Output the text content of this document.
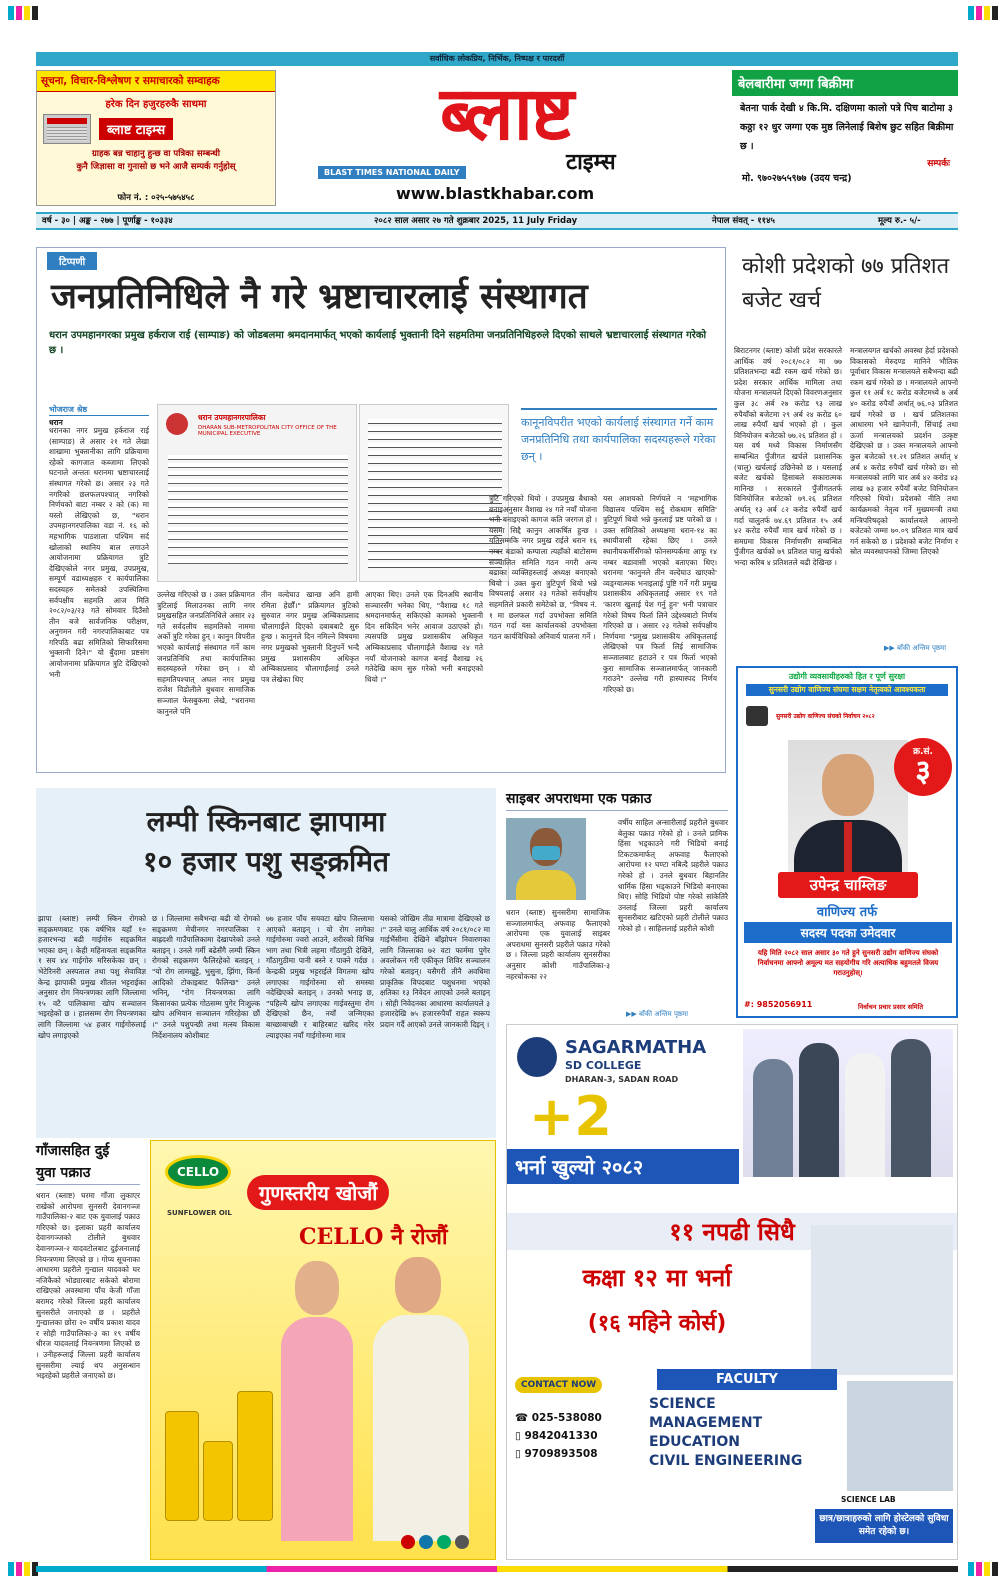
सर्वाधिक लोकप्रिय, निर्भिक, निष्पक्ष र पारदर्शी
सूचना, विचार-विश्लेषण र समाचारको सम्वाहक
हरेक दिन हजुरहरुकै साथमा
ब्लाष्ट टाइम्स
ग्राहक बन्न चाहानु हुन्छ वा पत्रिका सम्बन्धी
कुनै जिज्ञासा वा गुनासो छ भने आजै सम्पर्क गर्नुहोस्
फोन नं. : ०२५-५७५४५८
ब्लाष्ट
टाइम्स
BLAST TIMES NATIONAL DAILY
www.blastkhabar.com
बेलबारीमा जग्गा बिक्रीमा
बेतना पार्क देखी ४ कि.मि. दक्षिणमा कालो पत्रे पिच बाटोमा ३ कठ्ठा १२ धुर जग्गा एक मुष्ठ लिनेलाई बिशेष छुट सहित बिक्रीमा छ ।
सम्पर्कः
मो. ९७०२७५५९७७ (उदय चन्द्र)
वर्ष - ३० | अङ्क - २७७ | पूर्णाङ्क - १०३३४	२०८२ साल असार २७ गते शुक्रबार 2025, 11 July Friday	नेपाल संवत् - ११४५	मूल्य रु.- ५/-
टिप्पणी
जनप्रतिनिधिले नै गरे भ्रष्टाचारलाई संस्थागत
धरान उपमहानगरका प्रमुख हर्कराज राई (साम्पाङ) को जोडबलमा श्रमदानमार्फत् भएको कार्यलाई भुक्तानी दिने सहमतिमा जनप्रतिनिधिहरुले दिएको साथले भ्रष्टाचारलाई संस्थागत गरेको छ ।
भोजराज श्रेष्ठ
धरान
धरान उपमहानगरपालिका
DHARAN SUB-METROPOLITAN CITY OFFICE OF THE MUNICIPAL EXECUTIVE
कानूनविपरीत भएको कार्यलाई संस्थागत गर्ने काम जनप्रतिनिधि तथा कार्यपालिका सदस्यहरूले गरेका छन् ।
धरानका नगर प्रमुख हर्कराज राई (साम्पाङ) ले असार २१ गते लेखा शाखामा भुक्तानीका लागि प्रक्रियामा रहेको कागजात कब्जामा लिएको घटनाले अन्ततः धरानमा भ्रष्टाचारलाई संस्थागत गरेको छ। असार २३ गते नगरिको छलफलपश्चात् नगरिको निर्णयको बाटा नम्बर २ को (क) मा यस्तो लेखिएको छ, "धरान उपमहानगरपालिका वडा नं. १६ को महभागिक पाठशाला पश्चिम सर्द खोलाको स्थानिय बाल लगाउने आयोजनामा प्रक्रियागत त्रुटि देखिएकोले नगर प्रमुख, उपप्रमुख, सम्पूर्ण वडाध्यक्षहरु र कार्यपालिका सदस्यहरु समेतको उपस्थितिमा सर्वपक्षीय सहमति आज मिति २०८२/०३/२३ गते सोमवार दिउँसो तीन बजे सार्वजनिक परीक्षण, अनुगमन गरी नगरपालिकाबाट पत्र गरिपठि बढा समितिको सिफारिसमा भुक्तानी दिने।" यो बुँदामा प्रष्टसंग आयोजनामा प्रक्रियागत त्रुटि देखिएको भनी
उल्लेख गरिएको छ । उक्त प्रक्रियागत त्रुटिलाई मिलाउनका लागि नगर प्रमुखसहित जनप्रतिनिधिले असार २३ गते सर्वदलीय सहमतिको नाममा अर्को त्रुटि गरेका हुन् । कानुन विपरीत भएको कार्यलाई संस्थागत गर्ने काम जनप्रतिनिधि तथा कार्यपालिका सदस्यहरुले गरेका छन् । यो सहमतिपश्चात् अघल नगर प्रमुख राजेश विडोलीले बुधवार सामाजिक सञ्जाल फेसबुकमा लेखे, "धरानमा कानुनले पनि
तीन वल्देघाउ खान्छ अनि हामी रमिता हेर्छौं।" प्रक्रियागत त्रुटिको सुरुवात नगर प्रमुख अम्बिकाप्रसाद चौलागाईंले दिएको दबाबबाटै सुरु हुन्छ । कानुनले दिन नमिल्ने विषयमा नगर प्रमुखको भुक्तानी दिनुपर्ने भन्दै प्रमुख प्रशासकीय अधिकृत अम्बिकाप्रसाद चौलागाईंलाई उनले पत्र लेखेका थिए
आएका थिए। उनले एक दिनअघि स्थानीय सञ्चारसँग भनेका थिए, "वैशाख १८ गते श्रमदानमार्फत् सकिएको कामको भुक्तानी दिन सकिदिन भनेर आवाज उठाएको हो। त्यसपछि प्रमुख प्रशासकीय अधिकृत अम्बिकाप्रसाद चौलागाईंले वैशाख २४ गते नयाँ योजनाको कागज बनाई वैशाख २६ गतेदेखि काम सुरु गरेको भनी बनाइएको थियो ।"
त्रुटि गरिएको थियो । उपप्रमुख बैधाको बनाइअनुसार वैशाख २४ गते नयाँ योजना भनी बनाइएको कागज कति जरगज हो । यसमा सिद्दै कानुन आकर्षित हुन्छ । यतिसम्मकि नगर प्रमुख राईले धरान १६ नम्बर बडाको कम्पाला त्यहाँको बाटोसम्म सञ्चालित समिति गठन नगरी अन्य बढाका व्यक्तिहरुलाई अध्यक्ष बनाएको थियो । उक्त कुरा त्रुटिपूर्ण थियो भन्ने विषयलाई असार २३ गतेको सर्वपक्षीय सहमतिले प्रकारी समेटेको छ, "विषय नं. १ मा छलफल गर्दा उपभोक्ता समिति गठन गर्दा यस कार्यालयको उपभोक्ता गठन कार्यविधिको अनिवार्य पालना गर्ने ।
यस आशयको निर्णयले न 'महभागिक विद्यालय पश्चिम सर्दु रोकथाम समिति' त्रुटिपूर्ण थियो भन्ने कुरलाई प्रष्ट पारेको छ । उक्त समितिको अध्यक्षमा धरान-१४ का स्थायीवासी रहेका छिए । उनले स्थानीयकर्मीसँगको फोनसम्पर्कमा आफू १४ नम्बर बडावासी भएको बताएका थिए। धरानमा 'कानुनले तीन वल्देघाउ खाएको' व्यङ्ग्यात्मक भनाइलाई पुष्टि गर्ने गरी प्रमुख प्रशासकीय अधिकृतलाई असार १९ गते 'कारण खुलाई पेश गर्नु हुन' भनी पत्राचार गरेको विषय फिर्ता लिने उद्देश्यबाटो निर्णय गरिएको छ । असार २३ गतेको सर्वपक्षीय निर्णयमा "प्रमुख प्रशासकीय अधिकृतलाई लेखिएको पत्र फिर्ता लिई सामाजिक सञ्जालबाट हटाउने र पत्र फिर्ता भएको कुरा सामाजिक सञ्जालमार्फत् जानकारी गराउने" उल्लेख गरी हास्यास्पद निर्णय गरिएको छ।
कोशी प्रदेशको ७७ प्रतिशत बजेट खर्च
बिराटनगर (ब्लाष्ट) कोशी प्रदेश सरकारले आर्थिक वर्ष २०८१/०८२ मा ७७ प्रतिशतभन्दा बढी रकम खर्च गरेको छ। प्रदेश सरकार आर्थिक मामिला तथा योजना मन्त्रालयले दिएको विवरणअनुसार कुल ३८ अर्ब २७ करोड ९३ लाख रुपैयाँको बजेटमा २९ अर्ब २४ करोड ६० लाख रुपैयाँ खर्च भएको हो । कुल विनियोजन बजेटको ७७.२६ प्रतिशत हो । यस वर्ष मध्ये विकास निर्माणसँग सम्बन्धित पुँजीगत खर्चले प्रशासनिक (चालु) खर्चलाई उछिनेको छ । यसलाई बजेट खर्चको हिसाबले सकारात्मक मानिन्छ । सरकारले पुँजीगततर्फ विनियोजित बजेटको ७९.२६ प्रतिशत अर्थात् १३ अर्ब ८२ करोड रुपैयाँ खर्च गर्दा चालुतर्फ ७४.६९ प्रतिशत १५ अर्ब ४२ करोड रुपैयाँ मात्र खर्च गरेको छ । समग्रमा विकास निर्माणसँग सम्बन्धित पुँजीगत खर्चको ७९ प्रतिशत चालु खर्चको भन्दा करिब ४ प्रतिशतले बढी देखिन्छ ।
मन्त्रालयगत खर्चको अवस्था हेर्दा प्रदेशको विकासको मेरुदण्ड मानिने भौतिक पूर्वाधार विकास मन्त्रालयले सबैभन्दा बढी रकम खर्च गरेको छ । मन्त्रालयले आफ्नो कुल ११ अर्ब १८ करोड बजेटमध्ये ७ अर्ब ४० करोड रुपैयाँ अर्थात् ७६.०३ प्रतिशत खर्च गरेको छ । खर्च प्रतिशतका आधारमा भने खानेपानी, सिंचाई तथा ऊर्जा मन्त्रालयको प्रदर्शन उत्कृष्ट देखिएको छ । उक्त मन्त्रालयले आफ्नो कुल बजेटको ९१.२१ प्रतिशत अर्थात् ४ अर्ब ४ करोड रुपैयाँ खर्च गरेको छ। सो मन्त्रालयको लागि चार अर्ब ४२ करोड ४३ लाख ७३ हजार रुपैयाँ बजेट विनियोजन गरिएको थियो। प्रदेशको नीति तथा कार्यक्रमको नेतृत्व गर्ने मुख्यमन्त्री तथा मन्त्रिपरिषद्को कार्यालयले आफ्नो बजेटको जम्मा ७०.०९ प्रतिशत मात्र खर्च गर्न सकेको छ । प्रदेशको बजेट निर्माण र स्रोत व्यवस्थापनको जिम्मा लिएको
▶▶ बाँकी अन्तिम पृष्ठमा
उद्योगी व्यवसायीहरुको हित र पूर्ण सुरक्षा
सुनसरी उद्योग वाणिज्य संघमा सक्षम नेतृत्वको आवश्यकता
सुनसरी उद्योग वाणिज्य संघको निर्वाचन २०८२
क्र.सं.
३
उपेन्द्र चाम्लिङ
वाणिज्य तर्फ
सदस्य पदका उमेदवार
यहि मिति २०८२ साल असार ३० गते हुने सुनसरी उद्योग वाणिज्य संघको निर्वाचनमा आफ्नो अमूल्य मत सहयोगीय गरि अत्याधिक बहुमतले विजय गराउनुहोस्।
#: 9852056911	निर्वाचन प्रचार प्रसार समिति
लम्पी स्किनबाट झापामा
१० हजार पशु सङ्क्रमित
झापा (ब्लाष्ट) लम्पी स्किन रोगको सङ्क्रमणबाट एक वर्षभित्र यहाँ १० हजारभन्दा बढी गाईगोरु सङ्क्रमित भएका छन् । केही महिनायता सङ्क्रमित १ सय ४४ गाईगोरु मरिसकेका छन् । भेटेरिनरी अस्पताल तथा पशु सेवाविज्ञ केन्द्र झापाकी प्रमुख शीतल भट्टराईका अनुसार रोग नियन्त्रणका लागि जिल्लामा १५ वटै पालिकामा खोप सञ्चालन भइरहेको छ । हालसम्म रोग नियन्त्रणका लागि जिल्लामा ५४ हजार गाईगोरुलाई खोप लगाइएको
छ । जिल्लामा सबैभन्दा बढी यो रोगको सङ्क्रमण मेचीनगर नगरपालिका र बाह्रदशी गाउँपालिकामा देखापरेको उनले बताइन् । उनले गर्मी बढेसँगै लम्पी स्किन रोगको सङ्क्रमण फैलिरहेको बताइन् । "यो रोग लामखुट्टे, भुसुना, झिंगा, किर्ना आदिको टोकाइबाट फैलिन्छ" उनले भनिन्, "रोग नियन्त्रणका लागि किसानका प्रत्येक गोठसम्म पुगेर निःशुल्क खोप अभियान सञ्चालन गरिरहेका छौं ।" उनले पशुपन्छी तथा मत्स्य विकास निर्देशनालय कोशीबाट
७७ हजार पाँच सयवटा खोप जिल्लामा आएको बताइन् । यो रोग लागेका गाईगोरुमा ज्वरो आउने, शरीरको विभिन्न भाग तथा भित्री लहमा गाँठागुठी देखिने, गाँठागुठीमा पानी बस्ने र पाक्ने गर्दछ । केन्द्रकी प्रमुख भट्टराईले विगतमा खोप लगाएका गाईगोरुमा सो समस्या नदेखिएको बताइन् । उनको भनाइ छ, "पहिल्यै खोप लगाएका गाईवस्तुमा रोग देखिएको छैन, नयाँ जन्मिएका बाच्छाबाच्छी र बाहिरबाट खरिद गरेर ल्याइएका नयाँ गाईगोरुमा मात्र
यसको जोखिम तीव्र मात्रामा देखिएको छ ।" उनले चालु आर्थिक वर्ष २०८१/०८२ मा गाईभैंसीमा देखिने बाँझोपन निवारणका लागि जिल्लाका ७२ वटा फार्ममा पुगेर अवलोकन गरी एकीकृत शिविर सञ्चालन गरेको बताइन्। यसैगरी तीनै अवधिमा प्राकृतिक विपदबाट पशुधनमा भएको क्षतिका १३ निवेदन आएको उनले बताइन् । सोही निवेदनका आधारमा कार्यालयले ३ हजारदेखि ७५ हजाररुपैयाँ राहत स्वरूप प्रदान गर्दै आएको उनले जानकारी दिइन् ।
साइबर अपराधमा एक पक्राउ
धरान (ब्लाष्ट) सुनसरीमा सामाजिक सञ्जालमार्फत् अफवाह फैलाएको आरोपमा एक युवालाई साइबर अपराधमा सुनसरी प्रहरीले पक्राउ गरेको छ । जिल्ला प्रहरी कार्यालय सुनसरीका अनुसार कोशी गाउँपालिका-३ नहरचोकका २२
वर्षीय साहिल अन्सारीलाई प्रहरीले बुधवार बेलुका पक्राउ गरेको हो । उनले प्रामिक हिंसा भड्काउने गरी भिडियो बनाई टिकटकमार्फत् अफवाह फैलाएको आरोपमा १२ घण्टा नबित्दै प्रहरीले पक्राउ गरेको हो । उनले बुधवार बिहानतिर धार्मिक हिंसा भड्काउने भिडियो बनाएका थिए। सोहि भिडियो पोष्ट गरेको सांकेतिरै उनलाई जिल्ला प्रहरी कार्यालय सुनसरीबाट खटिएको प्रहरी टोलीले पक्राउ गरेको हो । साहिललाई प्रहरीले कोशी
▶▶ बाँकी अन्तिम पृष्ठमा
गाँजासहित दुई
युवा पक्राउ
धरान (ब्लाष्ट) घरमा गाँजा लुकाएर राखेको आरोपमा सुनसरी देवानगञ्ज गाउँपालिका-२ बाट एक युवालाई पक्राउ गरिएको छ। इलाका प्रहरी कार्यालय देवानगञ्जको टोलीले बुधवार देवानगञ्ज-२ यादवटोलबाट दुईजनालाई नियन्त्रणमा लिएको छ । गोप्य सूचनाका आधारमा प्रहरीले गुन्द्याल यादवको घर नजिकैको भोड्यारबाट सकेको बोरामा राखिएको अवस्थामा पाँच केजी गाँजा बरामद गरेको जिल्ला प्रहरी कार्यालय सुनसरीले जनाएको छ । प्रहरीले गुन्द्यालका छोरा २० वर्षीय प्रकाश यादव र सोही गाउँपालिका-३ का १९ वर्षीय धीरज यादवलाई नियन्त्रणमा लिएको छ । उनीहरूलाई जिल्ला प्रहरी कार्यालय सुनसरीमा ल्याई थप अनुसन्धान भइरहेको प्रहरीले जनाएको छ।
CELLO
SUNFLOWER OIL
गुणस्तरीय खोजौं
CELLO नै रोजौं
SAGARMATHA
SD COLLEGE
DHARAN-3, SADAN ROAD
+2
भर्ना खुल्यो २०८२
११ नपढी सिधै
कक्षा १२ मा भर्ना
(१६ महिने कोर्स)
SCIENCE LAB
FACULTY
CONTACT NOW
SCIENCE
MANAGEMENT
EDUCATION
CIVIL ENGINEERING
☎ 025-538080
▯ 9842041330
▯ 9709893508
छात्र/छात्राहरुको लागि होस्टेलको सुविधा समेत रहेको छ।
